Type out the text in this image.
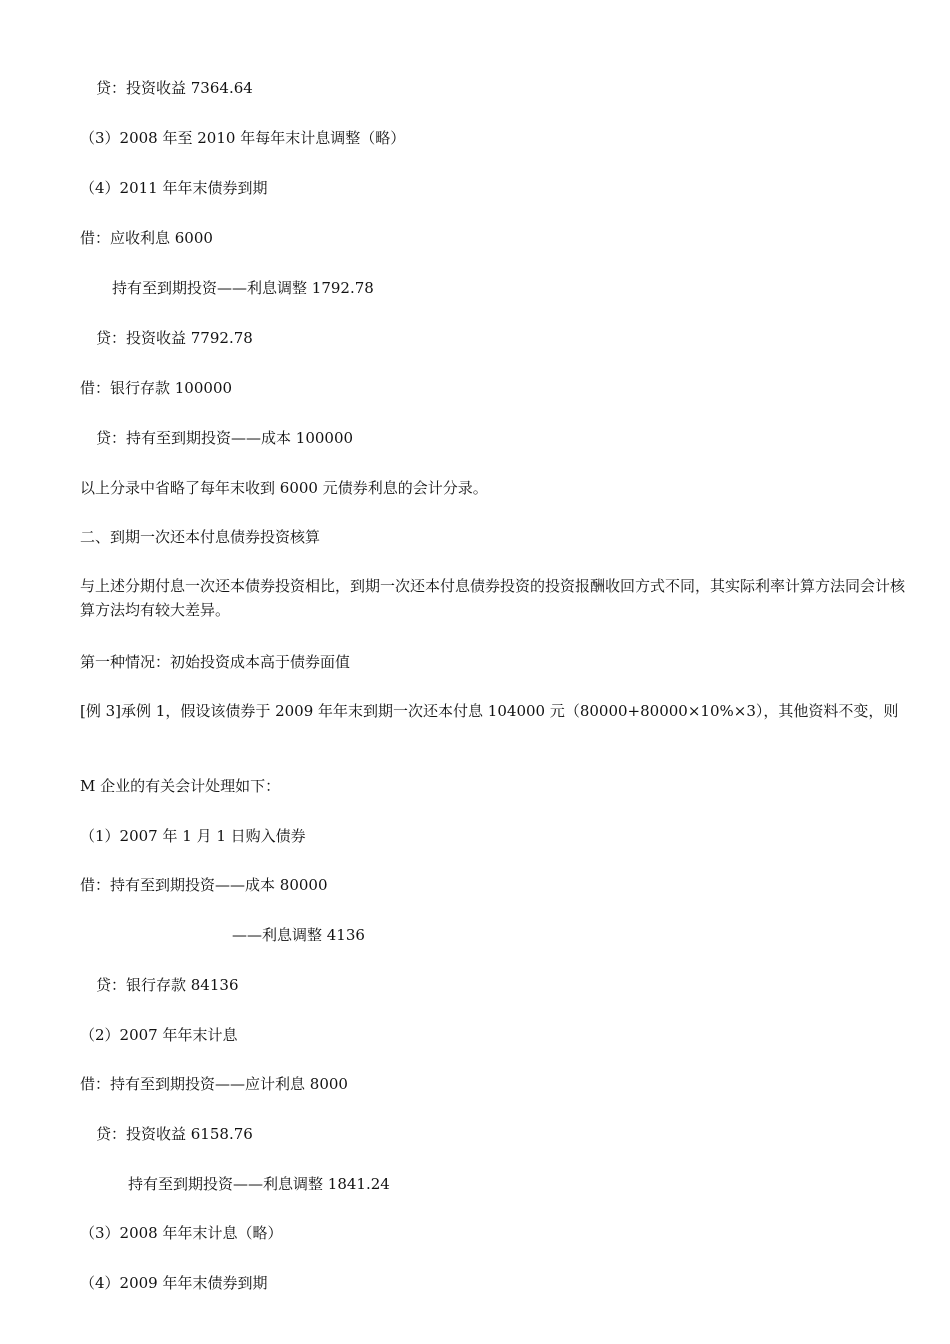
贷：投资收益 7364.64
（3）2008 年至 2010 年每年末计息调整（略）
（4）2011 年年末债券到期
借：应收利息 6000
持有至到期投资——利息调整 1792.78
贷：投资收益 7792.78
借：银行存款 100000
贷：持有至到期投资——成本 100000
以上分录中省略了每年末收到 6000 元债券利息的会计分录。
二、到期一次还本付息债券投资核算
与上述分期付息一次还本债券投资相比，到期一次还本付息债券投资的投资报酬收回方式不同，其实际利率计算方法同会计核算方法均有较大差异。
第一种情况：初始投资成本高于债券面值
[例 3]承例 1，假设该债券于 2009 年年末到期一次还本付息 104000 元（80000+80000×10%×3），其他资料不变，则
M 企业的有关会计处理如下：
（1）2007 年 1 月 1 日购入债券
借：持有至到期投资——成本 80000
——利息调整 4136
贷：银行存款 84136
（2）2007 年年末计息
借：持有至到期投资——应计利息 8000
贷：投资收益 6158.76
持有至到期投资——利息调整 1841.24
（3）2008 年年末计息（略）
（4）2009 年年末债券到期
